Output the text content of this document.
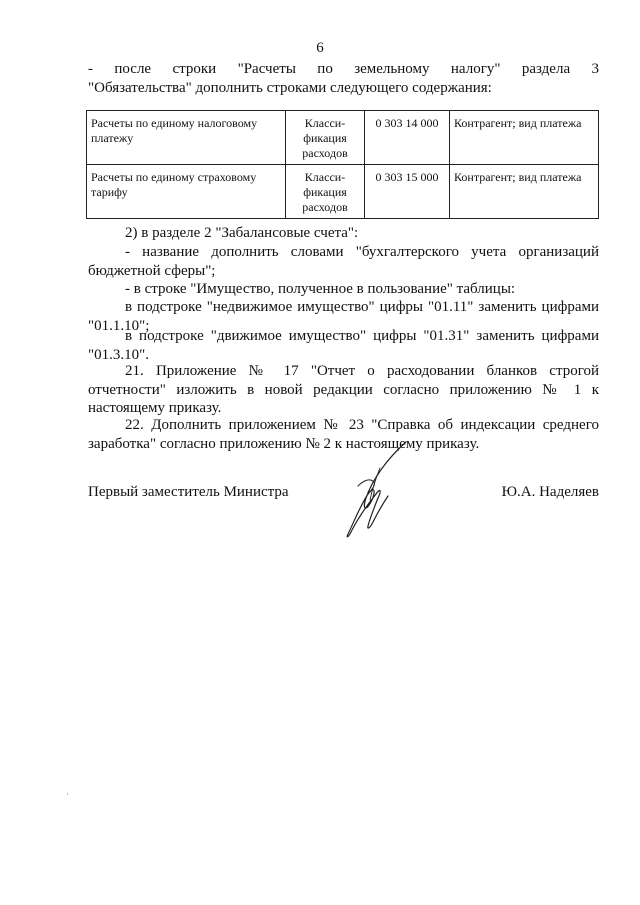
6
- после строки "Расчеты по земельному налогу" раздела 3
"Обязательства" дополнить строками следующего содержания:
Расчеты по единому налоговому платежу	Класси-фикация расходов	0 303 14 000	Контрагент; вид платежа
Расчеты по единому страховому тарифу	Класси-фикация расходов	0 303 15 000	Контрагент; вид платежа
2) в разделе 2 "Забалансовые счета":
- название дополнить словами "бухгалтерского учета организаций бюджетной сферы";
- в строке "Имущество, полученное в пользование" таблицы:
в подстроке "недвижимое имущество" цифры "01.11" заменить цифрами "01.1.10";
в подстроке "движимое имущество" цифры "01.31" заменить цифрами "01.3.10".
21. Приложение № 17 "Отчет о расходовании бланков строгой отчетности" изложить в новой редакции согласно приложению № 1 к настоящему приказу.
22. Дополнить приложением № 23 "Справка об индексации среднего заработка" согласно приложению № 2 к настоящему приказу.
Первый заместитель Министра	Ю.А. Наделяев
